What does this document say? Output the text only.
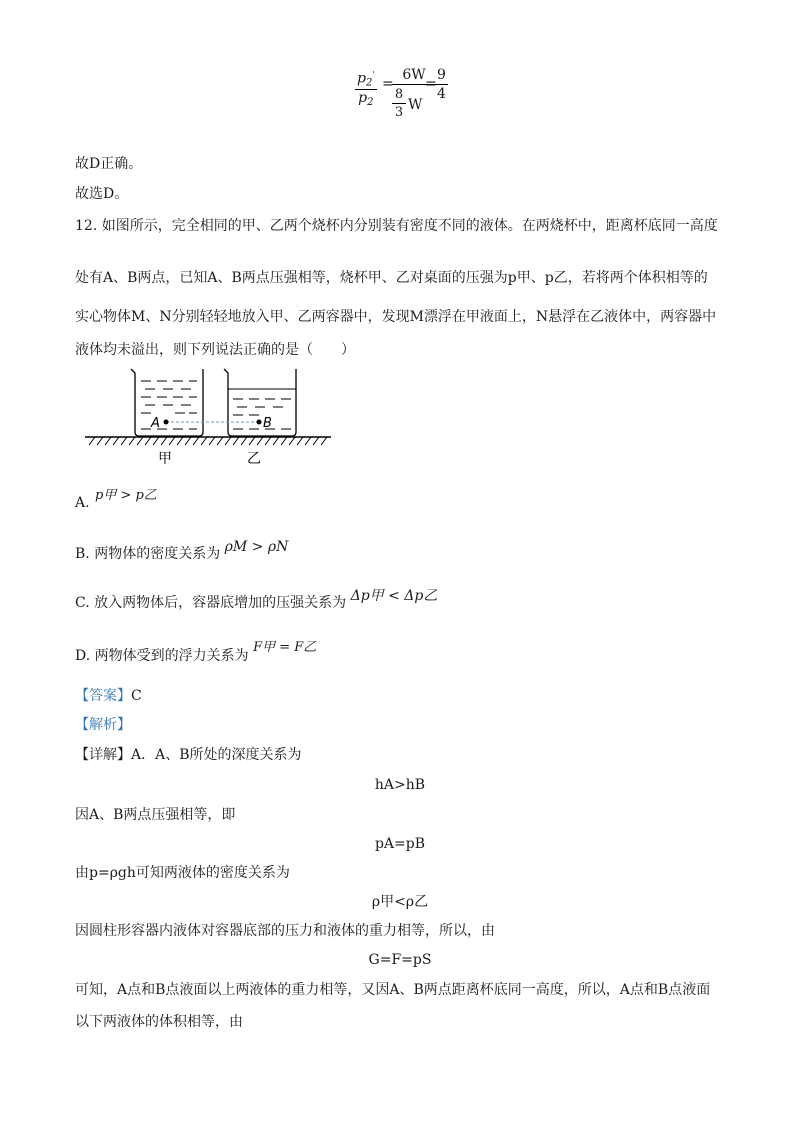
$\frac{p_2'}{p_2}$ =
6W
8
3 W
=
$\frac{9}{4}$
故D正确。
故选D。
12. 如图所示，完全相同的甲、乙两个烧杯内分别装有密度不同的液体。在两烧杯中，距离杯底同一高度
处有A、B两点，已知A、B两点压强相等，烧杯甲、乙对桌面的压强为p甲、p乙，若将两个体积相等的
实心物体M、N分别轻轻地放入甲、乙两容器中，发现M漂浮在甲液面上，N悬浮在乙液体中，两容器中
液体均未溢出，则下列说法正确的是（　　）
A	B
甲	乙
A. p甲 > p乙
B. 两物体的密度关系为 ρM > ρN
C. 放入两物体后，容器底增加的压强关系为 Δp甲 < Δp乙
D. 两物体受到的浮力关系为 F甲 = F乙
【答案】C
【解析】
【详解】A．A、B所处的深度关系为
hA>hB
因A、B两点压强相等，即
pA=pB
由p=ρgh可知两液体的密度关系为
ρ甲<ρ乙
因圆柱形容器内液体对容器底部的压力和液体的重力相等，所以，由
G=F=pS
可知，A点和B点液面以上两液体的重力相等，又因A、B两点距离杯底同一高度，所以，A点和B点液面
以下两液体的体积相等，由
